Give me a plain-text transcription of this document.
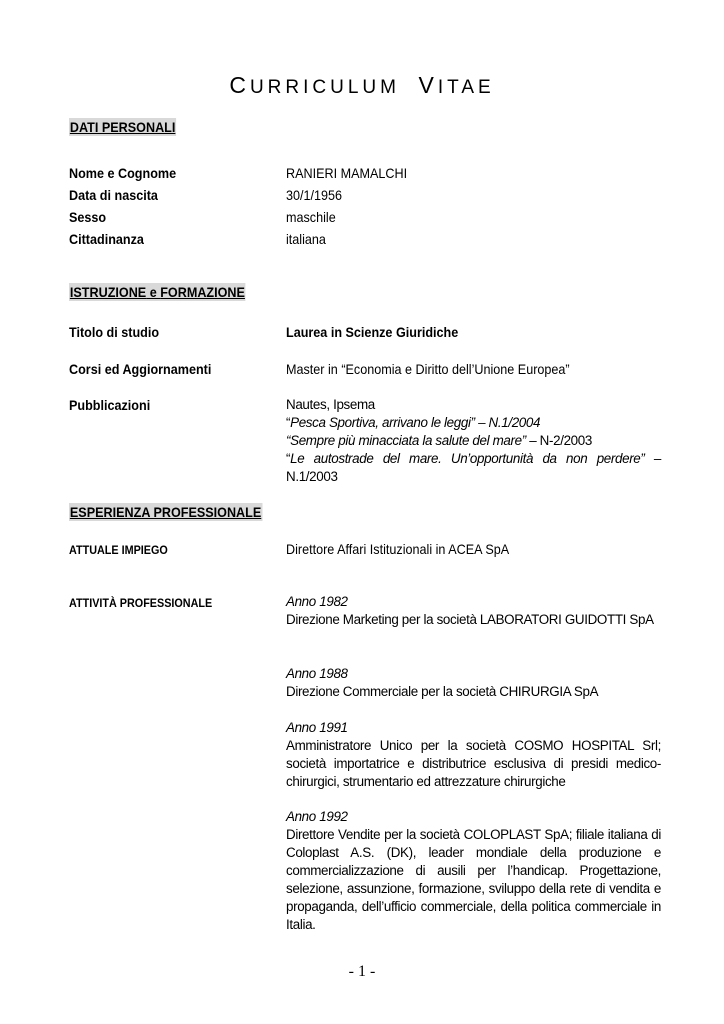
CURRICULUM VITAE
DATI PERSONALI
Nome e Cognome	RANIERI MAMALCHI
Data di nascita	30/1/1956
Sesso	maschile
Cittadinanza	italiana
ISTRUZIONE e FORMAZIONE
Titolo di studio	Laurea in Scienze Giuridiche
Corsi ed Aggiornamenti	Master in “Economia e Diritto dell’Unione Europea”
Pubblicazioni	Nautes, Ipsema
“Pesca Sportiva, arrivano le leggi” – N.1/2004
“Sempre più minacciata la salute del mare” – N-2/2003
“Le autostrade del mare. Un’opportunità da non perdere” – N.1/2003
ESPERIENZA PROFESSIONALE
ATTUALE IMPIEGO	Direttore Affari Istituzionali in ACEA SpA
ATTIVITÀ PROFESSIONALE	Anno 1982
Direzione Marketing per la società LABORATORI GUIDOTTI SpA
Anno 1988
Direzione Commerciale per la società CHIRURGIA SpA
Anno 1991
Amministratore Unico per la società COSMO HOSPITAL Srl; società importatrice e distributrice esclusiva di presidi medico-chirurgici, strumentario ed attrezzature chirurgiche
Anno 1992
Direttore Vendite per la società COLOPLAST SpA; filiale italiana di Coloplast A.S. (DK), leader mondiale della produzione e commercializzazione di ausili per l’handicap. Progettazione, selezione, assunzione, formazione, sviluppo della rete di vendita e propaganda, dell’ufficio commerciale, della politica commerciale in Italia.
- 1 -
